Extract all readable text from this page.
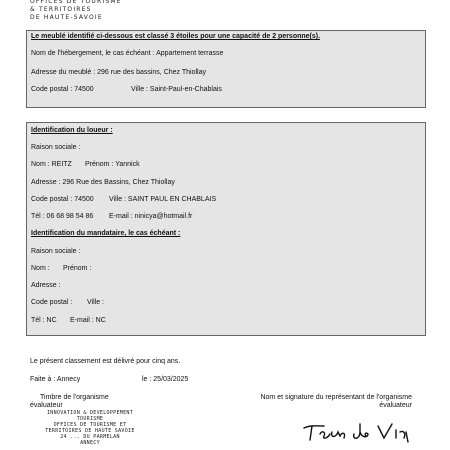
OFFICES DE TOURISME
& TERRITOIRES
DE HAUTE-SAVOIE
Le meublé identifié ci-dessous est classé 3 étoiles pour une capacité de 2 personne(s).
Nom de l'hébergement, le cas échéant : Appartement terrasse
Adresse du meublé : 296 rue des bassins, Chez Thiollay
Code postal : 74500	Ville : Saint-Paul-en-Chablais
Identification du loueur :
Raison sociale :
Nom : REITZ Prénom : Yannick
Adresse : 296 Rue des Bassins, Chez Thiollay
Code postal : 74500 Ville : SAINT PAUL EN CHABLAIS
Tél : 06 68 98 54 86 E-mail : ninicya@hotmail.fr
Identification du mandataire, le cas échéant :
Raison sociale :
Nom : Prénom :
Adresse :
Code postal : Ville :
Tél : NC E-mail : NC
Le présent classement est délivré pour cinq ans.
Faite à : Annecy	le : 25/03/2025
Timbre de l'organisme
évaluateur
Nom et signature du représentant de l'organisme
évaluateur
INNOVATION & DEVELOPPEMENT
TOURISME
OFFICES DE TOURISME ET
TERRITOIRES DE HAUTE SAVOIE
24 ... DU PARMELAN
ANNECY
